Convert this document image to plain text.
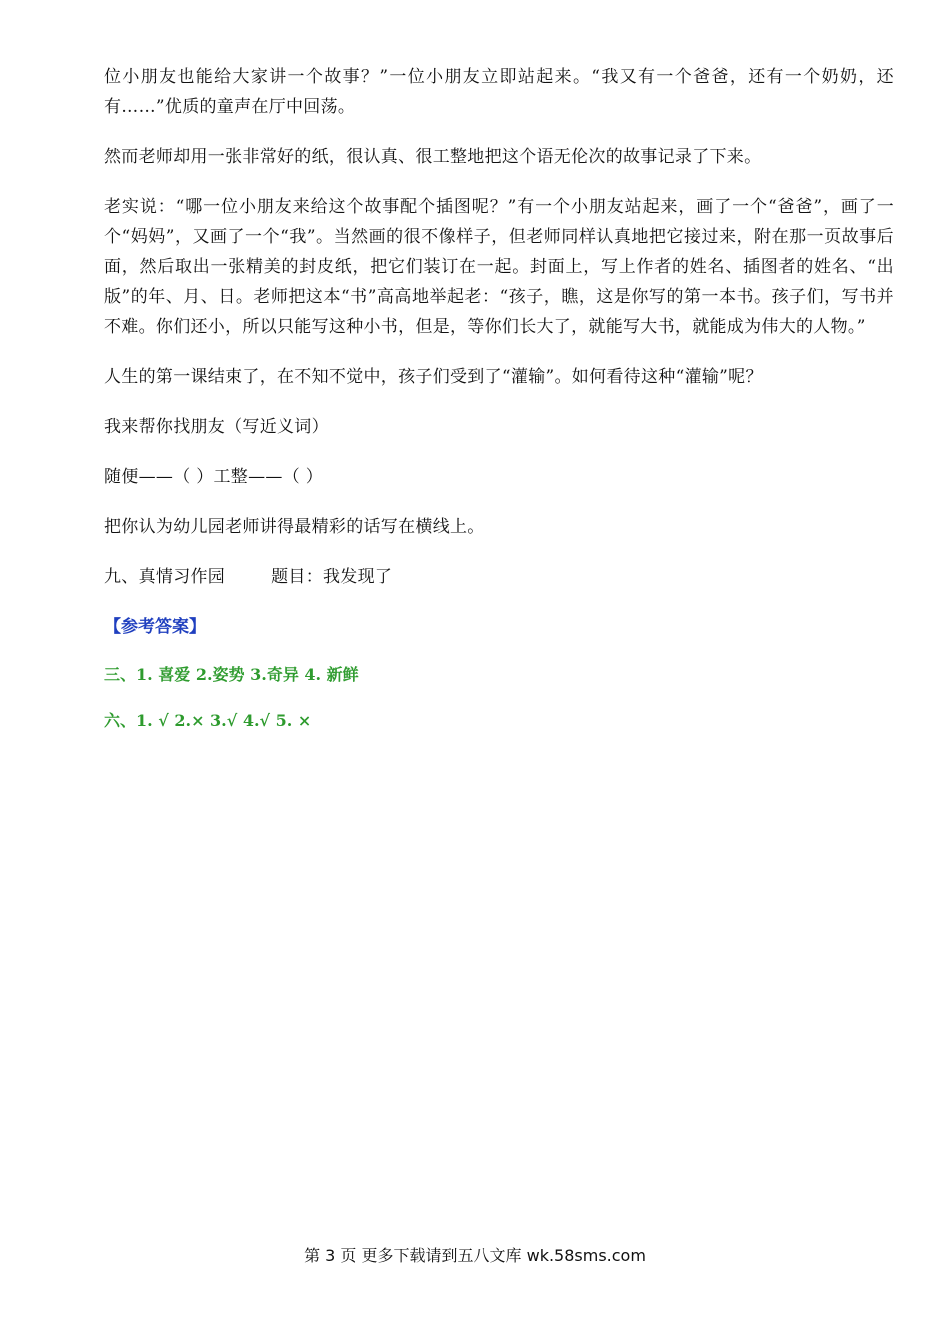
位小朋友也能给大家讲一个故事？”一位小朋友立即站起来。“我又有一个爸爸，还有一个奶奶，还有……”优质的童声在厅中回荡。

然而老师却用一张非常好的纸，很认真、很工整地把这个语无伦次的故事记录了下来。

老实说：“哪一位小朋友来给这个故事配个插图呢？”有一个小朋友站起来，画了一个“爸爸”，画了一个“妈妈”，又画了一个“我”。当然画的很不像样子，但老师同样认真地把它接过来，附在那一页故事后面，然后取出一张精美的封皮纸，把它们装订在一起。封面上，写上作者的姓名、插图者的姓名、“出版”的年、月、日。老师把这本“书”高高地举起老：“孩子，瞧，这是你写的第一本书。孩子们，写书并不难。你们还小，所以只能写这种小书，但是，等你们长大了，就能写大书，就能成为伟大的人物。”

人生的第一课结束了，在不知不觉中，孩子们受到了“灌输”。如何看待这种“灌输”呢？

我来帮你找朋友（写近义词）

随便——（ ）工整——（ ）

把你认为幼儿园老师讲得最精彩的话写在横线上。

九、真情习作园	题目：我发现了

【参考答案】

三、1. 喜爱 2.姿势 3.奇异 4. 新鲜

六、1. √ 2.× 3.√ 4.√ 5. ×

第 3 页 更多下载请到五八文库 wk.58sms.com
